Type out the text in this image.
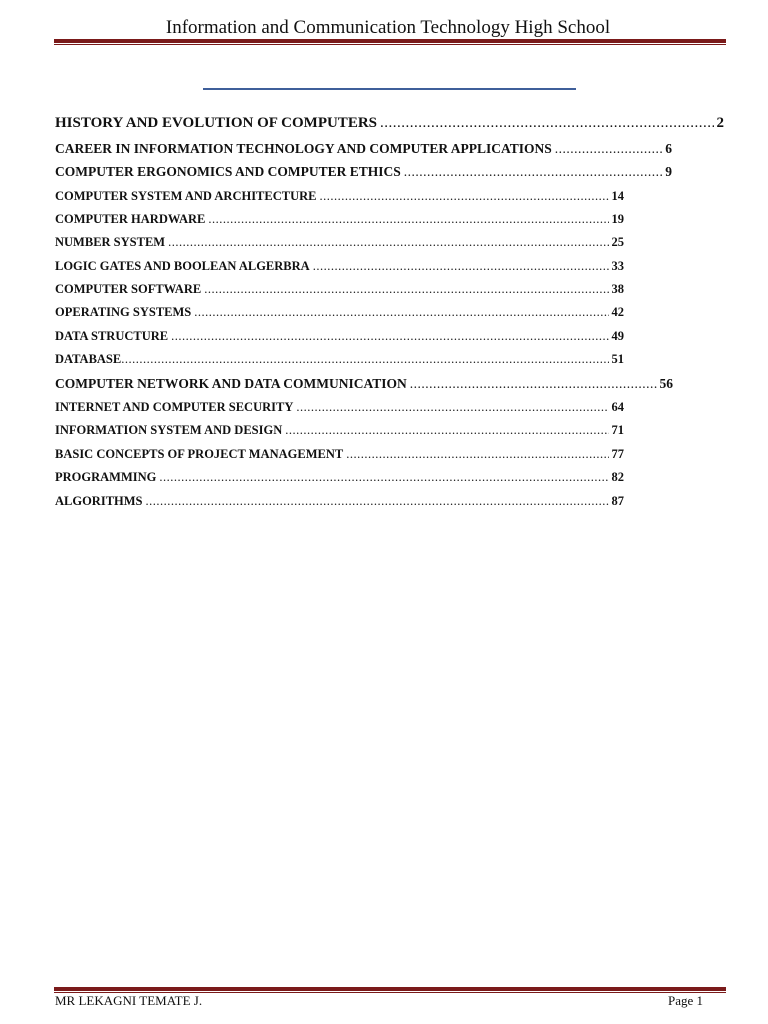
Information and Communication Technology High School
HISTORY AND EVOLUTION OF COMPUTERS .....	2
CAREER IN INFORMATION TECHNOLOGY AND COMPUTER APPLICATIONS .....	6
COMPUTER ERGONOMICS AND COMPUTER ETHICS .....	9
COMPUTER SYSTEM AND ARCHITECTURE .....	14
COMPUTER HARDWARE .....	19
NUMBER SYSTEM .....	25
LOGIC GATES AND BOOLEAN ALGERBRA .....	33
COMPUTER SOFTWARE .....	38
OPERATING SYSTEMS .....	42
DATA STRUCTURE .....	49
DATABASE .....	51
COMPUTER NETWORK AND DATA COMMUNICATION .....	56
INTERNET AND COMPUTER SECURITY .....	64
INFORMATION SYSTEM AND DESIGN .....	71
BASIC CONCEPTS OF PROJECT MANAGEMENT .....	77
PROGRAMMING .....	82
ALGORITHMS .....	87
MR LEKAGNI TEMATE J.	Page 1
